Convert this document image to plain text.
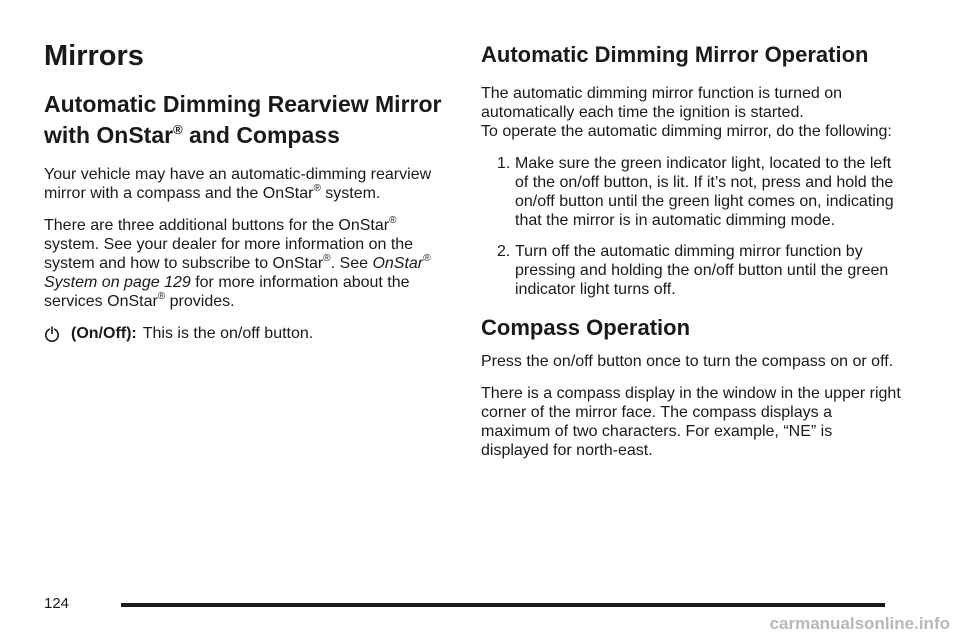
Mirrors
Automatic Dimming Rearview Mirror
with OnStar® and Compass

Your vehicle may have an automatic-dimming rearview mirror with a compass and the OnStar® system.

There are three additional buttons for the OnStar® system. See your dealer for more information on the system and how to subscribe to OnStar®. See OnStar® System on page 129 for more information about the services OnStar® provides.

(On/Off): This is the on/off button.
Automatic Dimming Mirror Operation

The automatic dimming mirror function is turned on automatically each time the ignition is started.

To operate the automatic dimming mirror, do the following:

1. Make sure the green indicator light, located to the left of the on/off button, is lit. If it’s not, press and hold the on/off button until the green light comes on, indicating that the mirror is in automatic dimming mode.
2. Turn off the automatic dimming mirror function by pressing and holding the on/off button until the green indicator light turns off.
Compass Operation

Press the on/off button once to turn the compass on or off.

There is a compass display in the window in the upper right corner of the mirror face. The compass displays a maximum of two characters. For example, “NE” is displayed for north-east.

124
carmanualsonline.info
